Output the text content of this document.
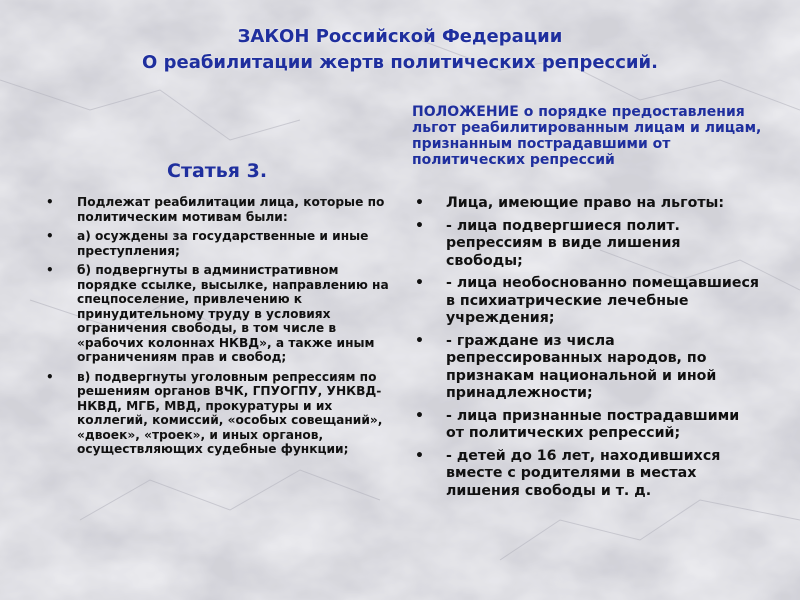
ЗАКОН Российской Федерации
О реабилитации жертв политических репрессий.
Статья 3.
• Подлежат реабилитации лица, которые по политическим мотивам были:
• а) осуждены за государственные и иные преступления;
• б) подвергнуты в административном порядке ссылке, высылке, направлению на спецпоселение, привлечению к принудительному труду в условиях ограничения свободы, в том числе в «рабочих колоннах НКВД», а также иным ограничениям прав и свобод;
• в) подвергнуты уголовным репрессиям по решениям органов ВЧК, ГПУОГПУ, УНКВД-НКВД, МГБ, МВД, прокуратуры и их коллегий, комиссий, «особых совещаний», «двоек», «троек», и иных органов, осуществляющих судебные функции;
ПОЛОЖЕНИЕ о порядке предоставления льгот реабилитированным лицам и лицам, признанным пострадавшими от политических репрессий
• Лица, имеющие право на льготы:
• - лица подвергшиеся полит. репрессиям в виде лишения свободы;
• - лица необоснованно помещавшиеся в психиатрические лечебные учреждения;
• - граждане из числа репрессированных народов, по признакам национальной и иной принадлежности;
• - лица признанные пострадавшими от политических репрессий;
• - детей до 16 лет, находившихся вместе с родителями в местах лишения свободы и т. д.
